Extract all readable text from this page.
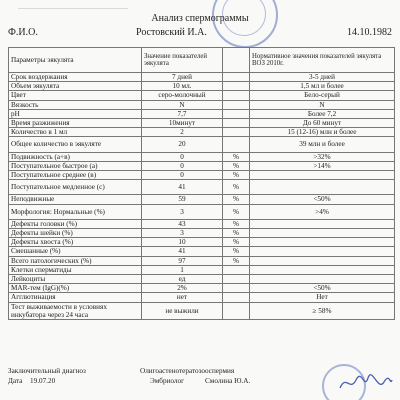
Анализ спермограммы
Ф.И.О.	Ростовский И.А.	14.10.1982
Параметры эякулята	Значение показателей эякулята		Нормативное значения показателей эякулята ВОЗ 2010г.
Срок воздержания	7 дней		3-5 дней
Объем эякулята	10 мл.		1,5 мл и более
Цвет	серо-молочный		Бело-серый
Вязкость	N		N
pH	7,7		Более 7,2
Время разжижения	10минут		До 60 минут
Количество в 1 мл	2		15 (12-16) млн и более
Общее количество в эякуляте	20		39 млн и более
Подвижность (а+в)	0	%	>32%
Поступательное быстрое (а)	0	%	>14%
Поступательное среднее (в)	0	%	
Поступательное медленное (с)	41	%	
Неподвижные	59	%	<50%
Морфология: Нормальные (%)	3	%	>4%
Дефекты головки (%)	43	%	
Дефекты шейки (%)	3	%	
Дефекты хвоста (%)	10	%	
Смешанные (%)	41	%	
Всего патологических (%)	97	%	
Клетки сперматиды	1		
Лейкоциты	ед		
MAR-тем (IgG)(%)	2%		<50%
Агглютинация	нет		Нет
Тест выживаемости в условиях инкубатора через 24 часа	не выжили		≥ 58%
Заключительный диагноз	Олигоастенотератозооспермия
Дата 19.07.20	Эмбриолог	Смолина Ю.А.
